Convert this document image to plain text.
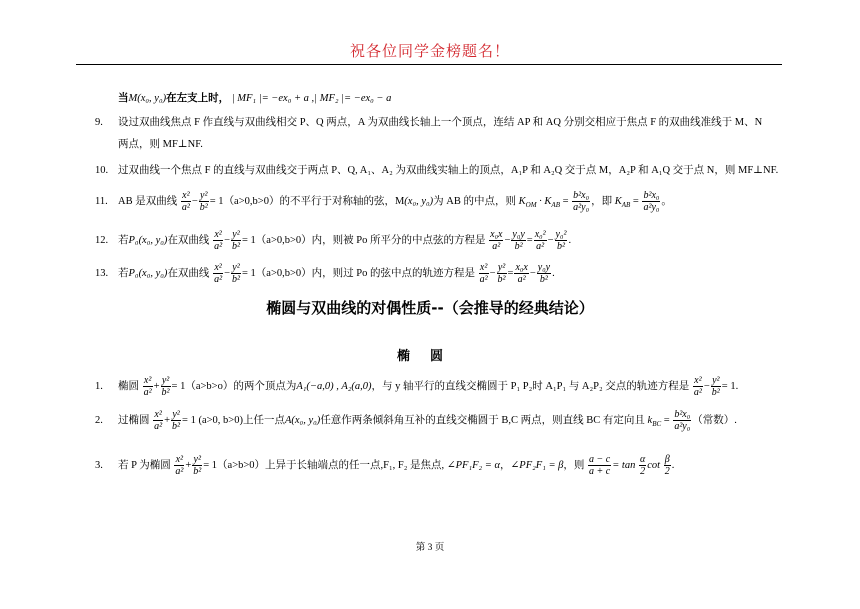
祝各位同学金榜题名！
当M(x₀, y₀)在左支上时， | MF₁ |= −ex₀ + a ,| MF₂ |= −ex₀ − a
9. 设过双曲线焦点 F 作直线与双曲线相交 P、Q 两点，A 为双曲线长轴上一个顶点，连结 AP 和 AQ 分别交相应于焦点 F 的双曲线准线于 M、N
两点，则 MF⊥NF.
10. 过双曲线一个焦点 F 的直线与双曲线交于两点 P、Q, A₁、A₂ 为双曲线实轴上的顶点，A₁P 和 A₂Q 交于点 M，A₂P 和 A₁Q 交于点 N，则 MF⊥NF.
11. AB 是双曲线 $\frac{\text{x²}}{\text{a²}} - \frac{\text{y²}}{\text{b²}} = 1(a>0,b>0)$的不平行于对称轴的弦，M(x₀, y₀)为 AB 的中点，则 $K_{OM} \cdot K_{AB} = \frac{\text{b²x₀}}{\text{a²y₀}}$ ，即 $K_{AB} = \frac{\text{b²x₀}}{\text{a²y₀}}$ 。
12. 若P₀(x₀, y₀)在双曲线 $\frac{\text{x²}}{\text{a²}} - \frac{\text{y²}}{\text{b²}} = 1(a>0,b>0)$内，则被 Po 所平分的中点弦的方程是 $\frac{\text{x₀x}}{\text{a²}} - \frac{\text{y₀y}}{\text{b²}} = \frac{\text{x₀²}}{\text{a²}} - \frac{\text{y₀²}}{\text{b²}}$ .
13. 若P₀(x₀, y₀)在双曲线 $\frac{\text{x²}}{\text{a²}} - \frac{\text{y²}}{\text{b²}} = 1(a>0,b>0)$内，则过 Po 的弦中点的轨迹方程是 $\frac{\text{x²}}{\text{a²}} - \frac{\text{y²}}{\text{b²}} = \frac{\text{x₀x}}{\text{a²}} - \frac{\text{y₀y}}{\text{b²}}$ .
椭圆与双曲线的对偶性质--（会推导的经典结论）
椭圆
1. 椭圆 $\frac{\text{x²}}{\text{a²}} + \frac{\text{y²}}{\text{b²}} = 1(a>b>o)$的两个顶点为A₁(−a,0) , A₂(a,0)，与 y 轴平行的直线交椭圆于 P₁ P₂时 A₁P₁ 与 A₂P₂ 交点的轨迹方程是 $\frac{\text{x²}}{\text{a²}} - \frac{\text{y²}}{\text{b²}} = 1$.
2. 过椭圆 $\frac{\text{x²}}{\text{a²}} + \frac{\text{y²}}{\text{b²}} = 1$ (a>0, b>0)上任一点A(x₀, y₀)任意作两条倾斜角互补的直线交椭圆于 B,C 两点，则直线 BC 有定向且 $k_{BC} = \frac{\text{b²x₀}}{\text{a²y₀}}$ （常数）.
3. 若 P 为椭圆 $\frac{\text{x²}}{\text{a²}} + \frac{\text{y²}}{\text{b²}} = 1(a>b>0)$上异于长轴端点的任一点,F₁, F₂ 是焦点, ∠PF₁F₂ = α，∠PF₂F₁ = β，则 $\frac{a - c}{a + c} = \tan \frac{\alpha}{2}$ $\cot \frac{\beta}{2}$ .
第 3 页
